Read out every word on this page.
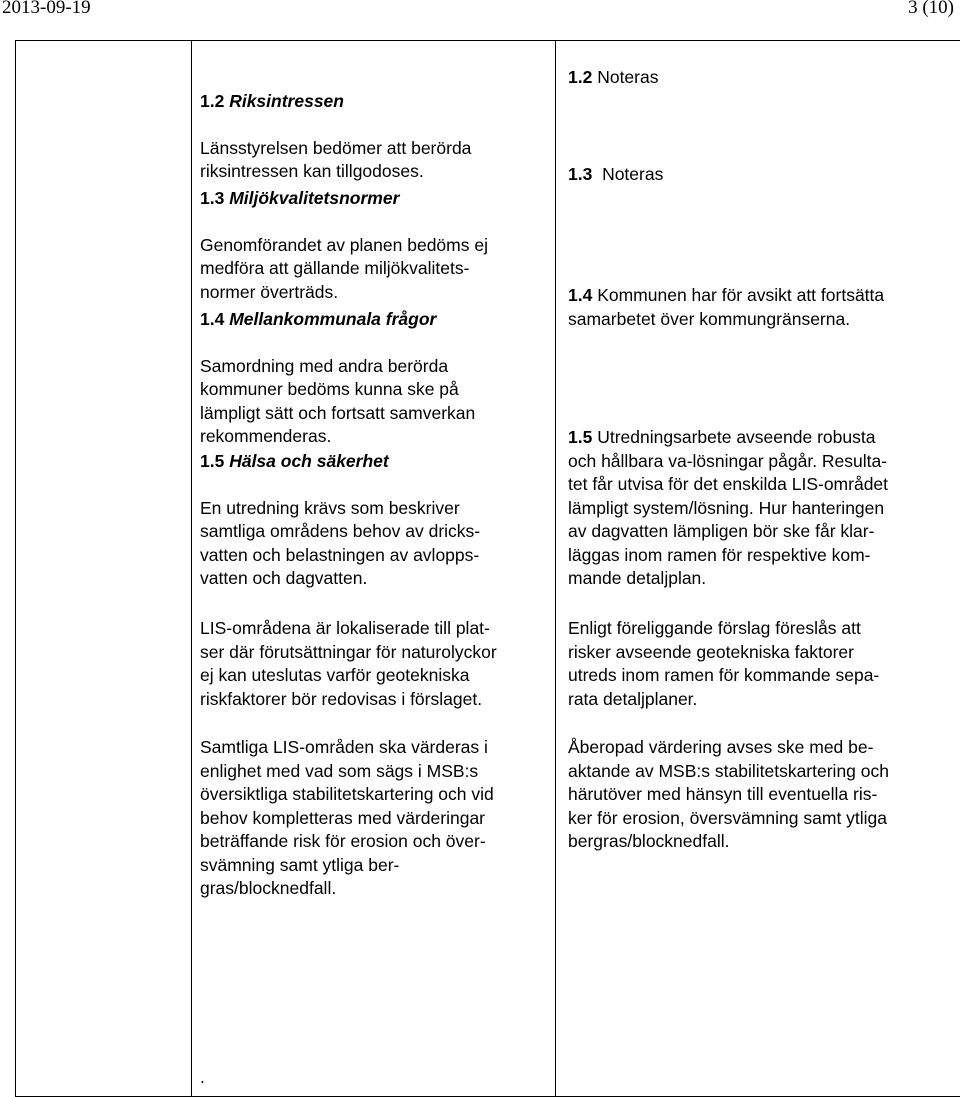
2013-09-19	3 (10)

1.2 Riksintressen

Länsstyrelsen bedömer att berörda
riksintressen kan tillgodoses.

1.3 Miljökvalitetsnormer

Genomförandet av planen bedöms ej
medföra att gällande miljökvalitets-
normer överträds.

1.4 Mellankommunala frågor

Samordning med andra berörda
kommuner bedöms kunna ske på
lämpligt sätt och fortsatt samverkan
rekommenderas.

1.5 Hälsa och säkerhet

En utredning krävs som beskriver
samtliga områdens behov av dricks-
vatten och belastningen av avlopps-
vatten och dagvatten.

LIS-områdena är lokaliserade till plat-
ser där förutsättningar för naturolyckor
ej kan uteslutas varför geotekniska
riskfaktorer bör redovisas i förslaget.
Samtliga LIS-områden ska värderas i
enlighet med vad som sägs i MSB:s
översiktliga stabilitetskartering och vid
behov kompletteras med värderingar
beträffande risk för erosion och över-
svämning samt ytliga ber-
gras/blocknedfall.
.
1.2 Noteras
1.3 Noteras
1.4 Kommunen har för avsikt att fortsätta
samarbetet över kommungränserna.
1.5 Utredningsarbete avseende robusta
och hållbara va-lösningar pågår. Resulta-
tet får utvisa för det enskilda LIS-området
lämpligt system/lösning. Hur hanteringen
av dagvatten lämpligen bör ske får klar-
läggas inom ramen för respektive kom-
mande detaljplan.
Enligt föreliggande förslag föreslås att
risker avseende geotekniska faktorer
utreds inom ramen för kommande sepa-
rata detaljplaner.
Åberopad värdering avses ske med be-
aktande av MSB:s stabilitetskartering och
härutöver med hänsyn till eventuella ris-
ker för erosion, översvämning samt ytliga
bergras/blocknedfall.
